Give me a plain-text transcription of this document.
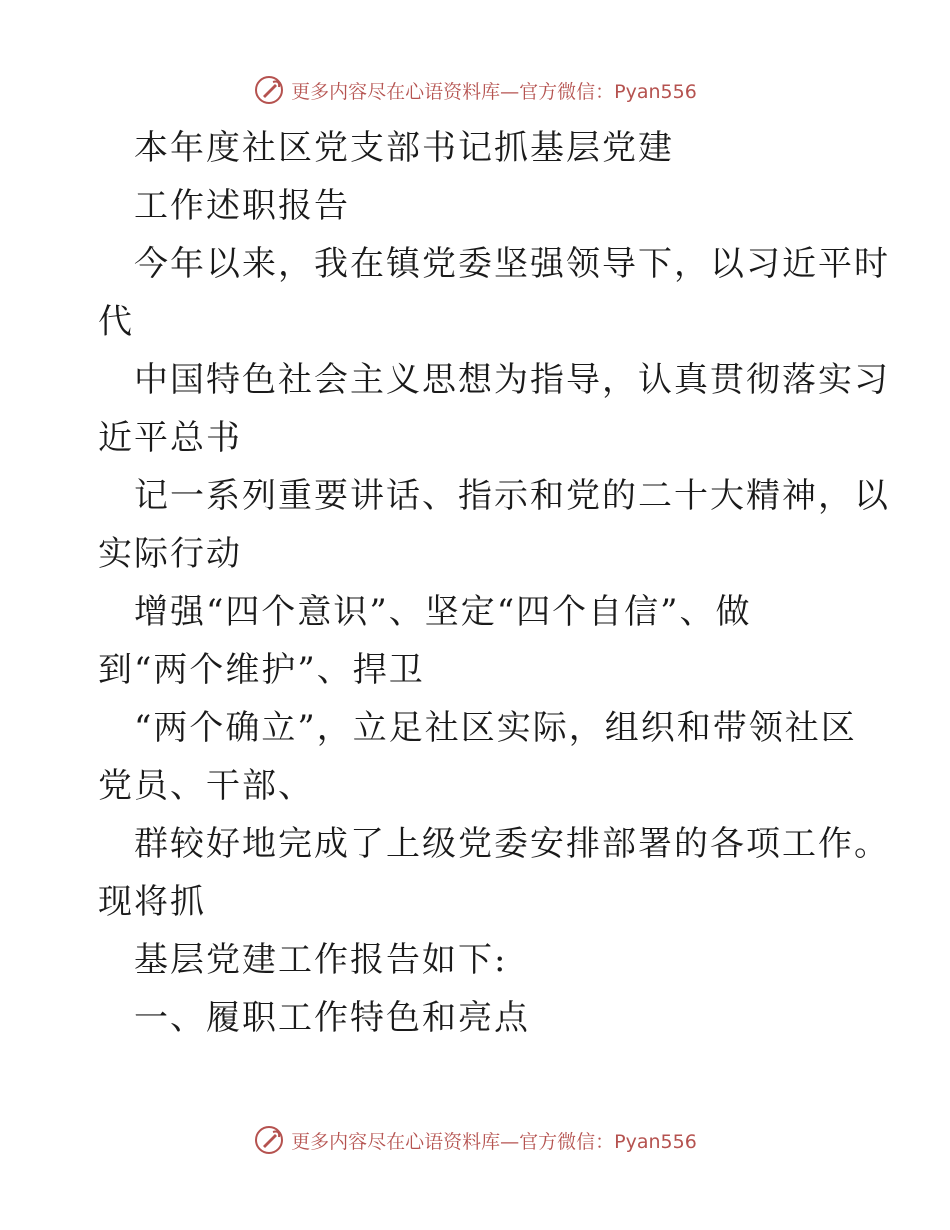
更多内容尽在心语资料库—官方微信：Pyan556
本年度社区党支部书记抓基层党建
工作述职报告
今年以来，我在镇党委坚强领导下，以习近平时
代
中国特色社会主义思想为指导，认真贯彻落实习
近平总书
记一系列重要讲话、指示和党的二十大精神，以
实际行动
增强“四个意识”、坚定“四个自信”、做
到“两个维护”、捍卫
“两个确立”，立足社区实际，组织和带领社区
党员、干部、
群较好地完成了上级党委安排部署的各项工作。
现将抓
基层党建工作报告如下:
一、履职工作特色和亮点
更多内容尽在心语资料库—官方微信：Pyan556
